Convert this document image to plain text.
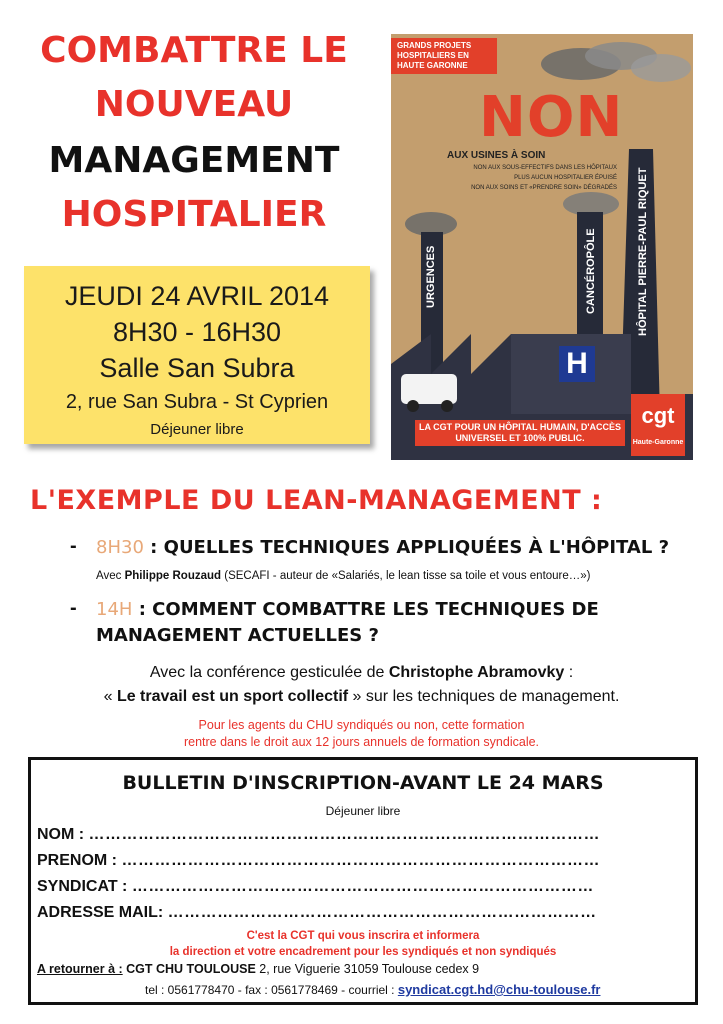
COMBATTRE LE
NOUVEAU
MANAGEMENT
HOSPITALIER
JEUDI 24 AVRIL 2014
8H30 - 16H30
Salle San Subra
2, rue San Subra - St Cyprien
Déjeuner libre
GRANDS PROJETS HOSPITALIERS EN HAUTE GARONNE
NON
AUX USINES À SOIN
NON AUX SOUS-EFFECTIFS DANS LES HÔPITAUX
PLUS AUCUN HOSPITALIER ÉPUISÉ
NON AUX SOINS ET «PRENDRE SOIN» DÉGRADÉS
URGENCES	CANCÉROPÔLE	HÔPITAL PIERRE-PAUL RIQUET
H
LA CGT POUR UN HÔPITAL HUMAIN, D'ACCÈS UNIVERSEL ET 100% PUBLIC.
cgt
Haute-Garonne
L'EXEMPLE DU LEAN-MANAGEMENT :
- 8H30 : QUELLES TECHNIQUES APPLIQUÉES À L'HÔPITAL ?
Avec Philippe Rouzaud (SECAFI - auteur de «Salariés, le lean tisse sa toile et vous entoure…»)
- 14H : COMMENT COMBATTRE LES TECHNIQUES DE
MANAGEMENT ACTUELLES ?
Avec la conférence gesticulée de Christophe Abramovky :
« Le travail est un sport collectif » sur les techniques de management.
Pour les agents du CHU syndiqués ou non, cette formation
rentre dans le droit aux 12 jours annuels de formation syndicale.
BULLETIN D'INSCRIPTION-AVANT LE 24 MARS
Déjeuner libre
NOM : …………………………………………………………………………………
PRENOM : ……………………………………………………………………………
SYNDICAT : …………………………………………………………………………
ADRESSE MAIL: ……………………………………………………………………
C'est la CGT qui vous inscrira et informera
la direction et votre encadrement pour les syndiqués et non syndiqués
A retourner à : CGT CHU TOULOUSE 2, rue Viguerie 31059 Toulouse cedex 9
tel : 0561778470 - fax : 0561778469 - courriel : syndicat.cgt.hd@chu-toulouse.fr
